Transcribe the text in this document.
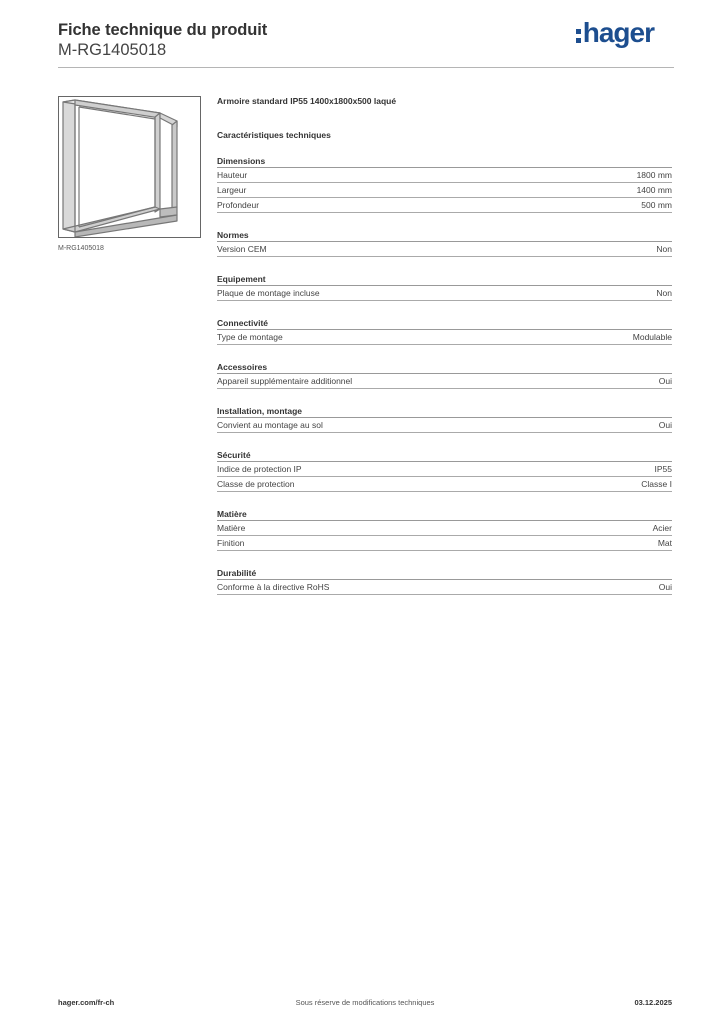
Fiche technique du produit
M-RG1405018
hager
M-RG1405018
Armoire standard IP55 1400x1800x500 laqué
Caractéristiques techniques
Dimensions
Hauteur	1800 mm
Largeur	1400 mm
Profondeur	500 mm
Normes
Version CEM	Non
Equipement
Plaque de montage incluse	Non
Connectivité
Type de montage	Modulable
Accessoires
Appareil supplémentaire additionnel	Oui
Installation, montage
Convient au montage au sol	Oui
Sécurité
Indice de protection IP	IP55
Classe de protection	Classe I
Matière
Matière	Acier
Finition	Mat
Durabilité
Conforme à la directive RoHS	Oui
hager.com/fr-ch	Sous réserve de modifications techniques	03.12.2025
